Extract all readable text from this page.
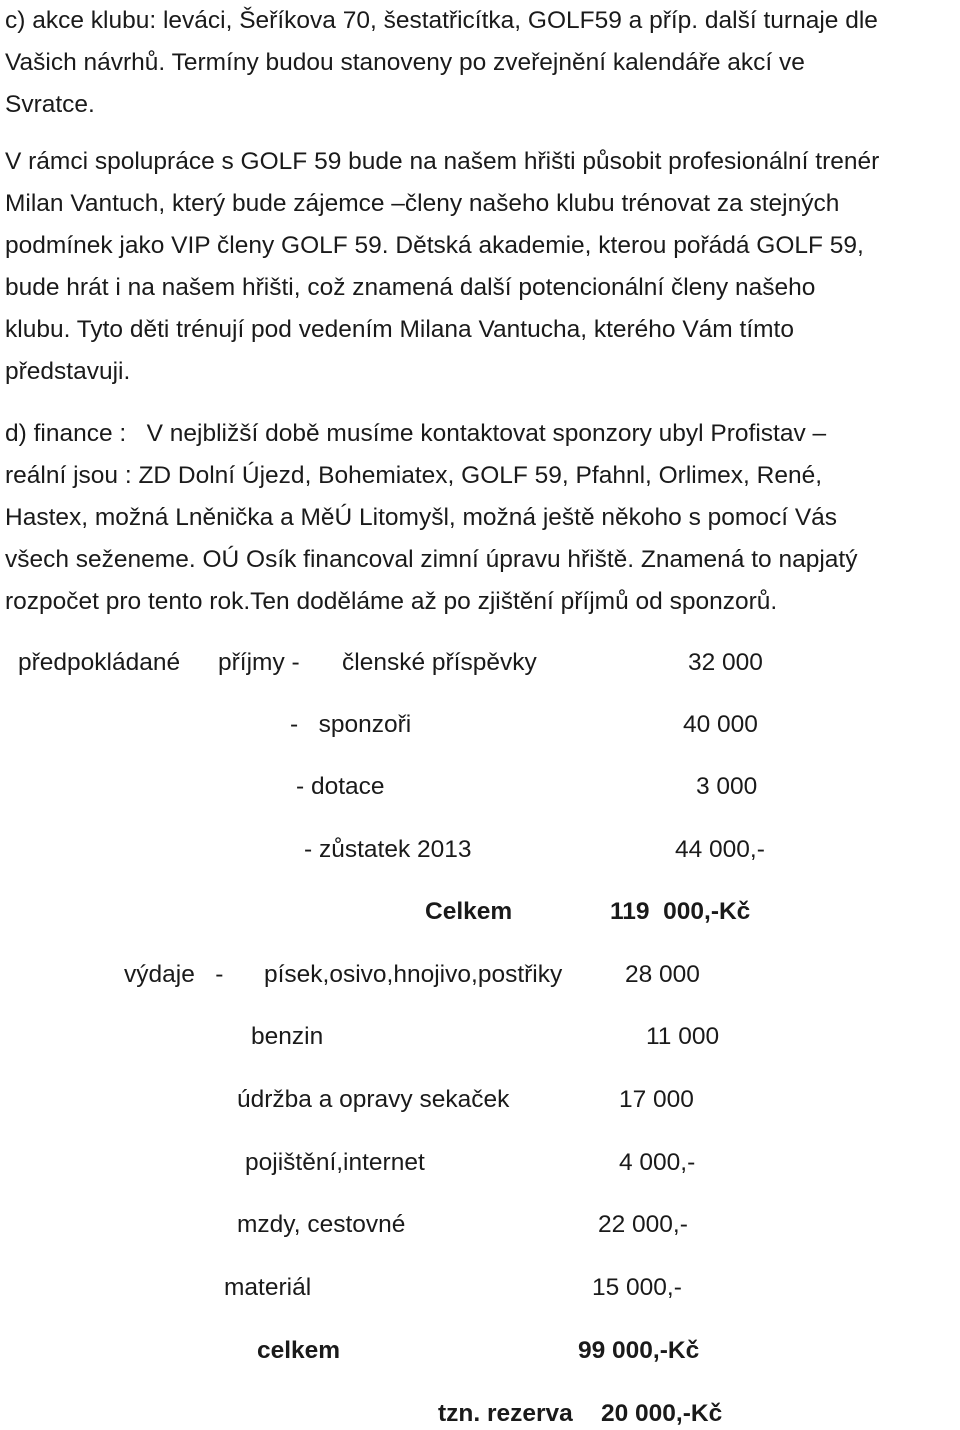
c) akce klubu: leváci, Šeříkova 70, šestatřicítka, GOLF59 a příp. další turnaje dle
Vašich návrhů. Termíny budou stanoveny po zveřejnění kalendáře akcí ve
Svratce.
V rámci spolupráce s GOLF 59 bude na našem hřišti působit profesionální trenér
Milan Vantuch, který bude zájemce –členy našeho klubu trénovat za stejných
podmínek jako VIP členy GOLF 59. Dětská akademie, kterou pořádá GOLF 59,
bude hrát i na našem hřišti, což znamená další potencionální členy našeho
klubu. Tyto děti trénují pod vedením Milana Vantucha, kterého Vám tímto
představuji.
d) finance :   V nejbližší době musíme kontaktovat sponzory ubyl Profistav –
reální jsou : ZD Dolní Újezd, Bohemiatex, GOLF 59, Pfahnl, Orlimex, René,
Hastex, možná Lněnička a MěÚ Litomyšl, možná ještě někoho s pomocí Vás
všech seženeme. OÚ Osík financoval zimní úpravu hřiště. Znamená to napjatý
rozpočet pro tento rok.Ten doděláme až po zjištění příjmů od sponzorů.
předpokládané příjmy - členské příspěvky	32 000
-   sponzoři	40 000
- dotace	3 000
- zůstatek 2013	44 000,-
Celkem	119  000,-Kč
výdaje   - písek,osivo,hnojivo,postřiky	28 000
benzin	11 000
údržba a opravy sekaček	17 000
pojištění,internet	4 000,-
mzdy, cestovné	22 000,-
materiál	15 000,-
celkem	99 000,-Kč
tzn. rezerva 20 000,-Kč
